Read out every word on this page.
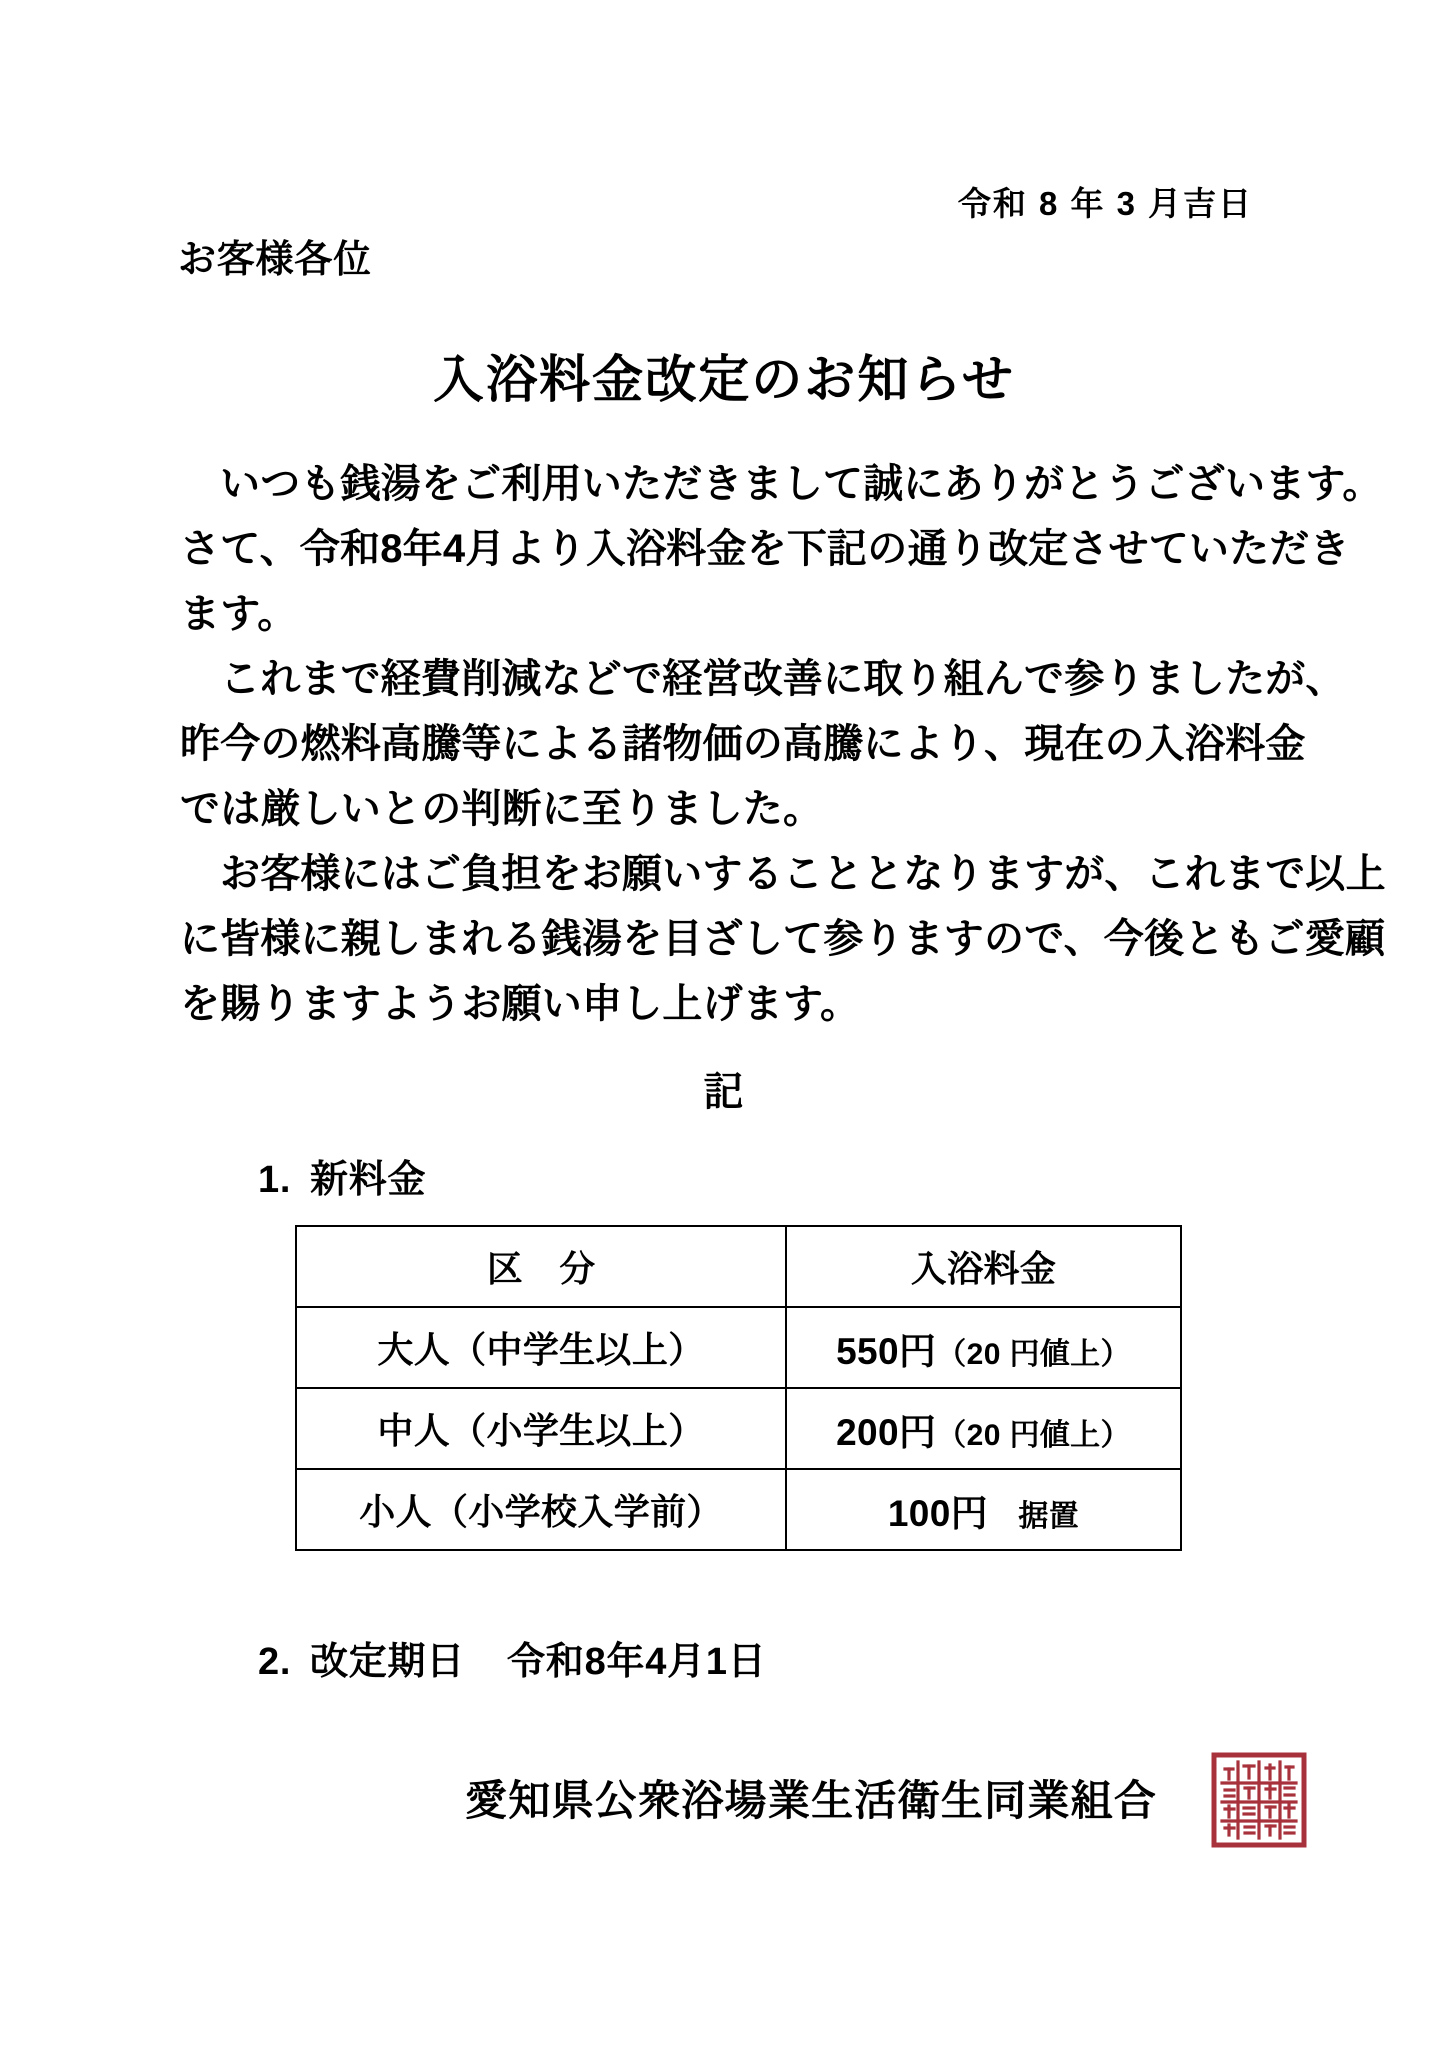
令和 8 年 3 月吉日
お客様各位
入浴料金改定のお知らせ
いつも銭湯をご利用いただきまして誠にありがとうございます。
さて、令和8年4月より入浴料金を下記の通り改定させていただき
ます。
これまで経費削減などで経営改善に取り組んで参りましたが、
昨今の燃料高騰等による諸物価の高騰により、現在の入浴料金
では厳しいとの判断に至りました。
お客様にはご負担をお願いすることとなりますが、これまで以上
に皆様に親しまれる銭湯を目ざして参りますので、今後ともご愛顧
を賜りますようお願い申し上げます。
記
1. 新料金
区　分	入浴料金
大人（中学生以上）	550円（20 円値上）
中人（小学生以上）	200円（20 円値上）
小人（小学校入学前）	100円　据置
2. 改定期日 令和8年4月1日
愛知県公衆浴場業生活衛生同業組合
